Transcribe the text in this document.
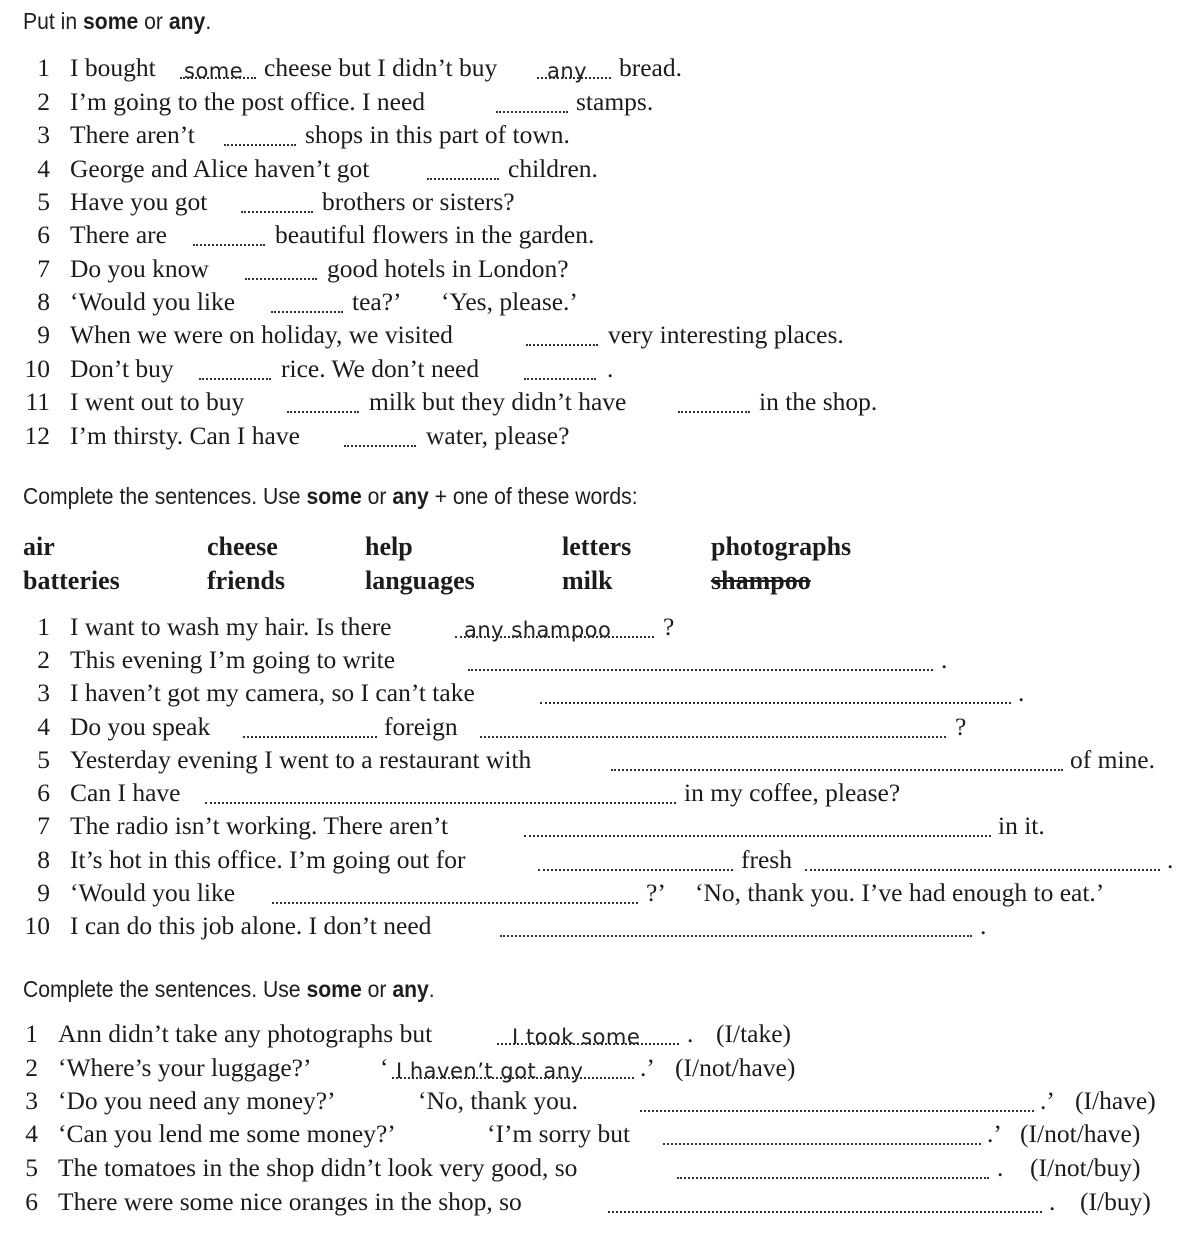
Put in some or any.
1 I bought some cheese but I didn’t buy any bread.
2 I’m going to the post office. I need	stamps.
3 There aren’t	shops in this part of town.
4 George and Alice haven’t got	children.
5 Have you got	brothers or sisters?
6 There are	beautiful flowers in the garden.
7 Do you know	good hotels in London?
8 ‘Would you like	tea?’ ‘Yes, please.’
9 When we were on holiday, we visited	very interesting places.
10 Don’t buy	rice. We don’t need	.
11 I went out to buy	milk but they didn’t have	in the shop.
12 I’m thirsty. Can I have	water, please?
Complete the sentences. Use some or any + one of these words:
air	cheese	help	letters	photographs
batteries	friends	languages	milk	shampoo
1 I want to wash my hair. Is there	any shampoo ?
2 This evening I’m going to write	.
3 I haven’t got my camera, so I can’t take	.
4 Do you speak	foreign	?
5 Yesterday evening I went to a restaurant with	of mine.
6 Can I have	in my coffee, please?
7 The radio isn’t working. There aren’t	in it.
8 It’s hot in this office. I’m going out for	fresh	.
9 ‘Would you like	?’ ‘No, thank you. I’ve had enough to eat.’
10 I can do this job alone. I don’t need	.
Complete the sentences. Use some or any.
1 Ann didn’t take any photographs but	I took some . (I/take)
2 ‘Where’s your luggage?’	‘ I haven’t got any .’ (I/not/have)
3 ‘Do you need any money?’	‘No, thank you.	.’ (I/have)
4 ‘Can you lend me some money?’	‘I’m sorry but	.’ (I/not/have)
5 The tomatoes in the shop didn’t look very good, so	. (I/not/buy)
6 There were some nice oranges in the shop, so	. (I/buy)
